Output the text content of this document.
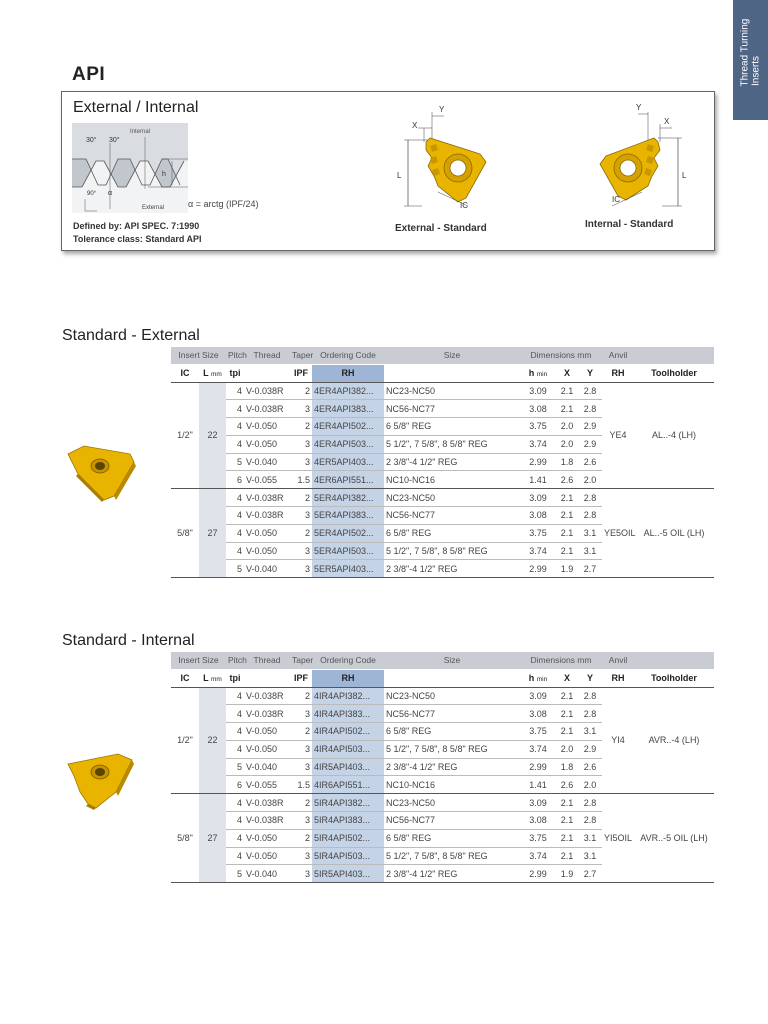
Thread Turning Inserts
API
External / Internal
Internal
30° 30°
h
90° α
External	α = arctg (IPF/24)
Defined by: API SPEC. 7:1990
Tolerance class: Standard API
Y
X
L
IC
External - Standard
Y
X
L
IC
Internal - Standard
Standard - External
Insert Size		Pitch	Thread	Taper	Ordering Code	Size	Dimensions mm			Anvil	
IC	L mm	tpi		IPF	RH		h min	X	Y	RH	Toolholder
1/2"	22	4	V-0.038R	2	4ER4API382...	NC23-NC50	3.09	2.1	2.8	YE4	AL..-4 (LH)
		4	V-0.038R	3	4ER4API383...	NC56-NC77	3.08	2.1	2.8		
		4	V-0.050	2	4ER4API502...	6 5/8" REG	3.75	2.0	2.9		
		4	V-0.050	3	4ER4API503...	5 1/2", 7 5/8", 8 5/8" REG	3.74	2.0	2.9		
		5	V-0.040	3	4ER5API403...	2 3/8"-4 1/2" REG	2.99	1.8	2.6		
		6	V-0.055	1.5	4ER6API551...	NC10-NC16	1.41	2.6	2.0		
5/8"	27	4	V-0.038R	2	5ER4API382...	NC23-NC50	3.09	2.1	2.8	YE5OIL	AL..-5 OIL (LH)
		4	V-0.038R	3	5ER4API383...	NC56-NC77	3.08	2.1	2.8		
		4	V-0.050	2	5ER4API502...	6 5/8" REG	3.75	2.1	3.1		
		4	V-0.050	3	5ER4API503...	5 1/2", 7 5/8", 8 5/8" REG	3.74	2.1	3.1		
		5	V-0.040	3	5ER5API403...	2 3/8"-4 1/2" REG	2.99	1.9	2.7		
Standard - Internal
Insert Size		Pitch	Thread	Taper	Ordering Code	Size	Dimensions mm			Anvil	
IC	L mm	tpi		IPF	RH		h min	X	Y	RH	Toolholder
1/2"	22	4	V-0.038R	2	4IR4API382...	NC23-NC50	3.09	2.1	2.8	YI4	AVR..-4 (LH)
		4	V-0.038R	3	4IR4API383...	NC56-NC77	3.08	2.1	2.8		
		4	V-0.050	2	4IR4API502...	6 5/8" REG	3.75	2.1	3.1		
		4	V-0.050	3	4IR4API503...	5 1/2", 7 5/8", 8 5/8" REG	3.74	2.0	2.9		
		5	V-0.040	3	4IR5API403...	2 3/8"-4 1/2" REG	2.99	1.8	2.6		
		6	V-0.055	1.5	4IR6API551...	NC10-NC16	1.41	2.6	2.0		
5/8"	27	4	V-0.038R	2	5IR4API382...	NC23-NC50	3.09	2.1	2.8	YI5OIL	AVR..-5 OIL (LH)
		4	V-0.038R	3	5IR4API383...	NC56-NC77	3.08	2.1	2.8		
		4	V-0.050	2	5IR4API502...	6 5/8" REG	3.75	2.1	3.1		
		4	V-0.050	3	5IR4API503...	5 1/2", 7 5/8", 8 5/8" REG	3.74	2.1	3.1		
		5	V-0.040	3	5IR5API403...	2 3/8"-4 1/2" REG	2.99	1.9	2.7		
